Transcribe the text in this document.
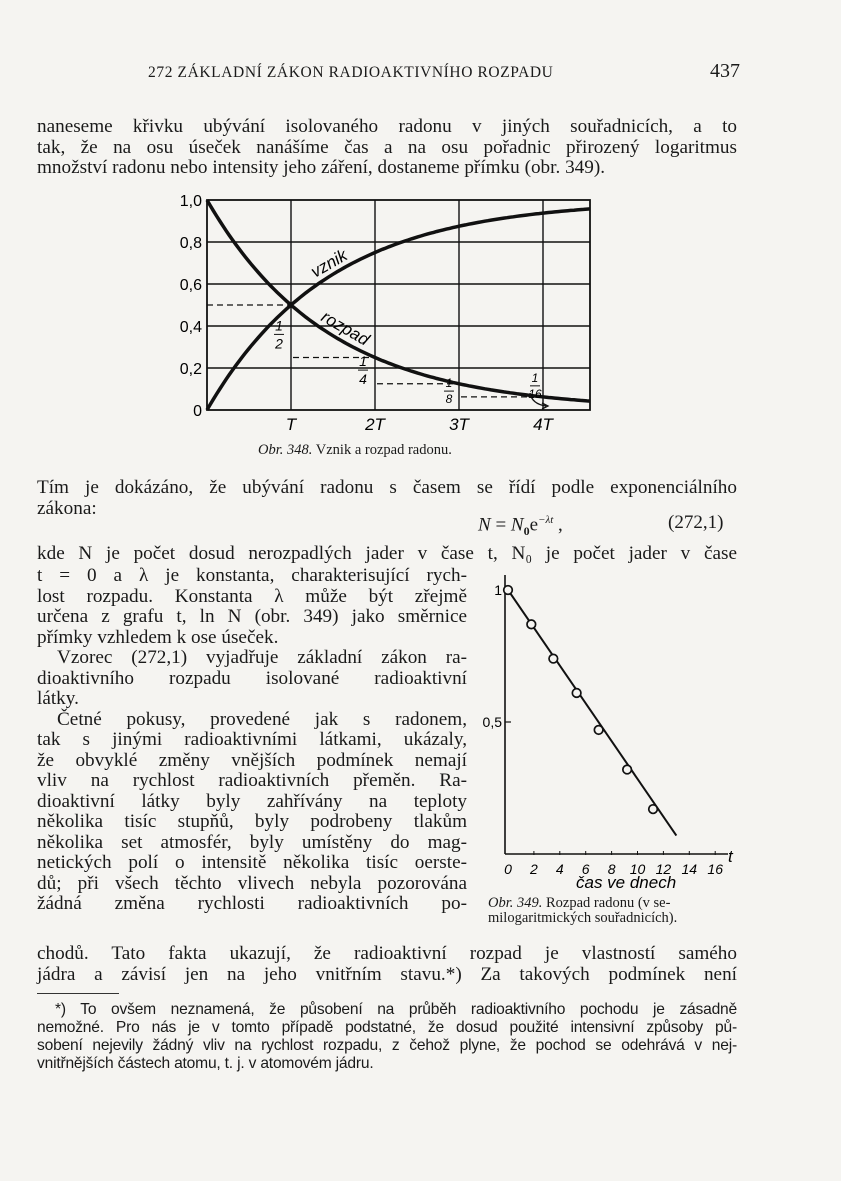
272 ZÁKLADNÍ ZÁKON RADIOAKTIVNÍHO ROZPADU	437
naneseme křivku ubývání isolovaného radonu v jiných souřadnicích, a to
tak, že na osu úseček nanášíme čas a na osu pořadnic přirozený logaritmus
množství radonu nebo intensity jeho záření, dostaneme přímku (obr. 349).
0
0,2
0,4
0,6
0,8
1,0
T	2T	3T	4T
vznik
rozpad
1
2
1
4	1
8
1
16
Obr. 348. Vznik a rozpad radonu.
Tím je dokázáno, že ubývání radonu s časem se řídí podle exponenciálního
zákona:
$N = N_0e^{-\lambda t}$ ,	(272,1)
kde N je počet dosud nerozpadlých jader v čase t, N₀ je počet jader v čase
t = 0 a λ je konstanta, charakterisující rych-
lost rozpadu. Konstanta λ může být zřejmě
určena z grafu t, ln N (obr. 349) jako směrnice
přímky vzhledem k ose úseček.
Vzorec (272,1) vyjadřuje základní zákon ra-
dioaktivního rozpadu isolované radioaktivní
látky.
Četné pokusy, provedené jak s radonem,
tak s jinými radioaktivními látkami, ukázaly,
že obvyklé změny vnějších podmínek nemají
vliv na rychlost radioaktivních přeměn. Ra-
dioaktivní látky byly zahřívány na teploty
několika tisíc stupňů, byly podrobeny tlakům
několika set atmosfér, byly umístěny do mag-
netických polí o intensitě několika tisíc oerste-
dů; při všech těchto vlivech nebyla pozorována
žádná změna rychlosti radioaktivních po-
t
0 2 4 6 8 10 12 14 16
1
0,5
čas ve dnech
Obr. 349. Rozpad radonu (v se-
milogaritmických souřadnicích).
chodů. Tato fakta ukazují, že radioaktivní rozpad je vlastností samého
jádra a závisí jen na jeho vnitřním stavu.*) Za takových podmínek není
*) To ovšem neznamená, že působení na průběh radioaktivního pochodu je zásadně
nemožné. Pro nás je v tomto případě podstatné, že dosud použité intensivní způsoby pů-
sobení nejevily žádný vliv na rychlost rozpadu, z čehož plyne, že pochod se odehrává v nej-
vnitřnějších částech atomu, t. j. v atomovém jádru.
